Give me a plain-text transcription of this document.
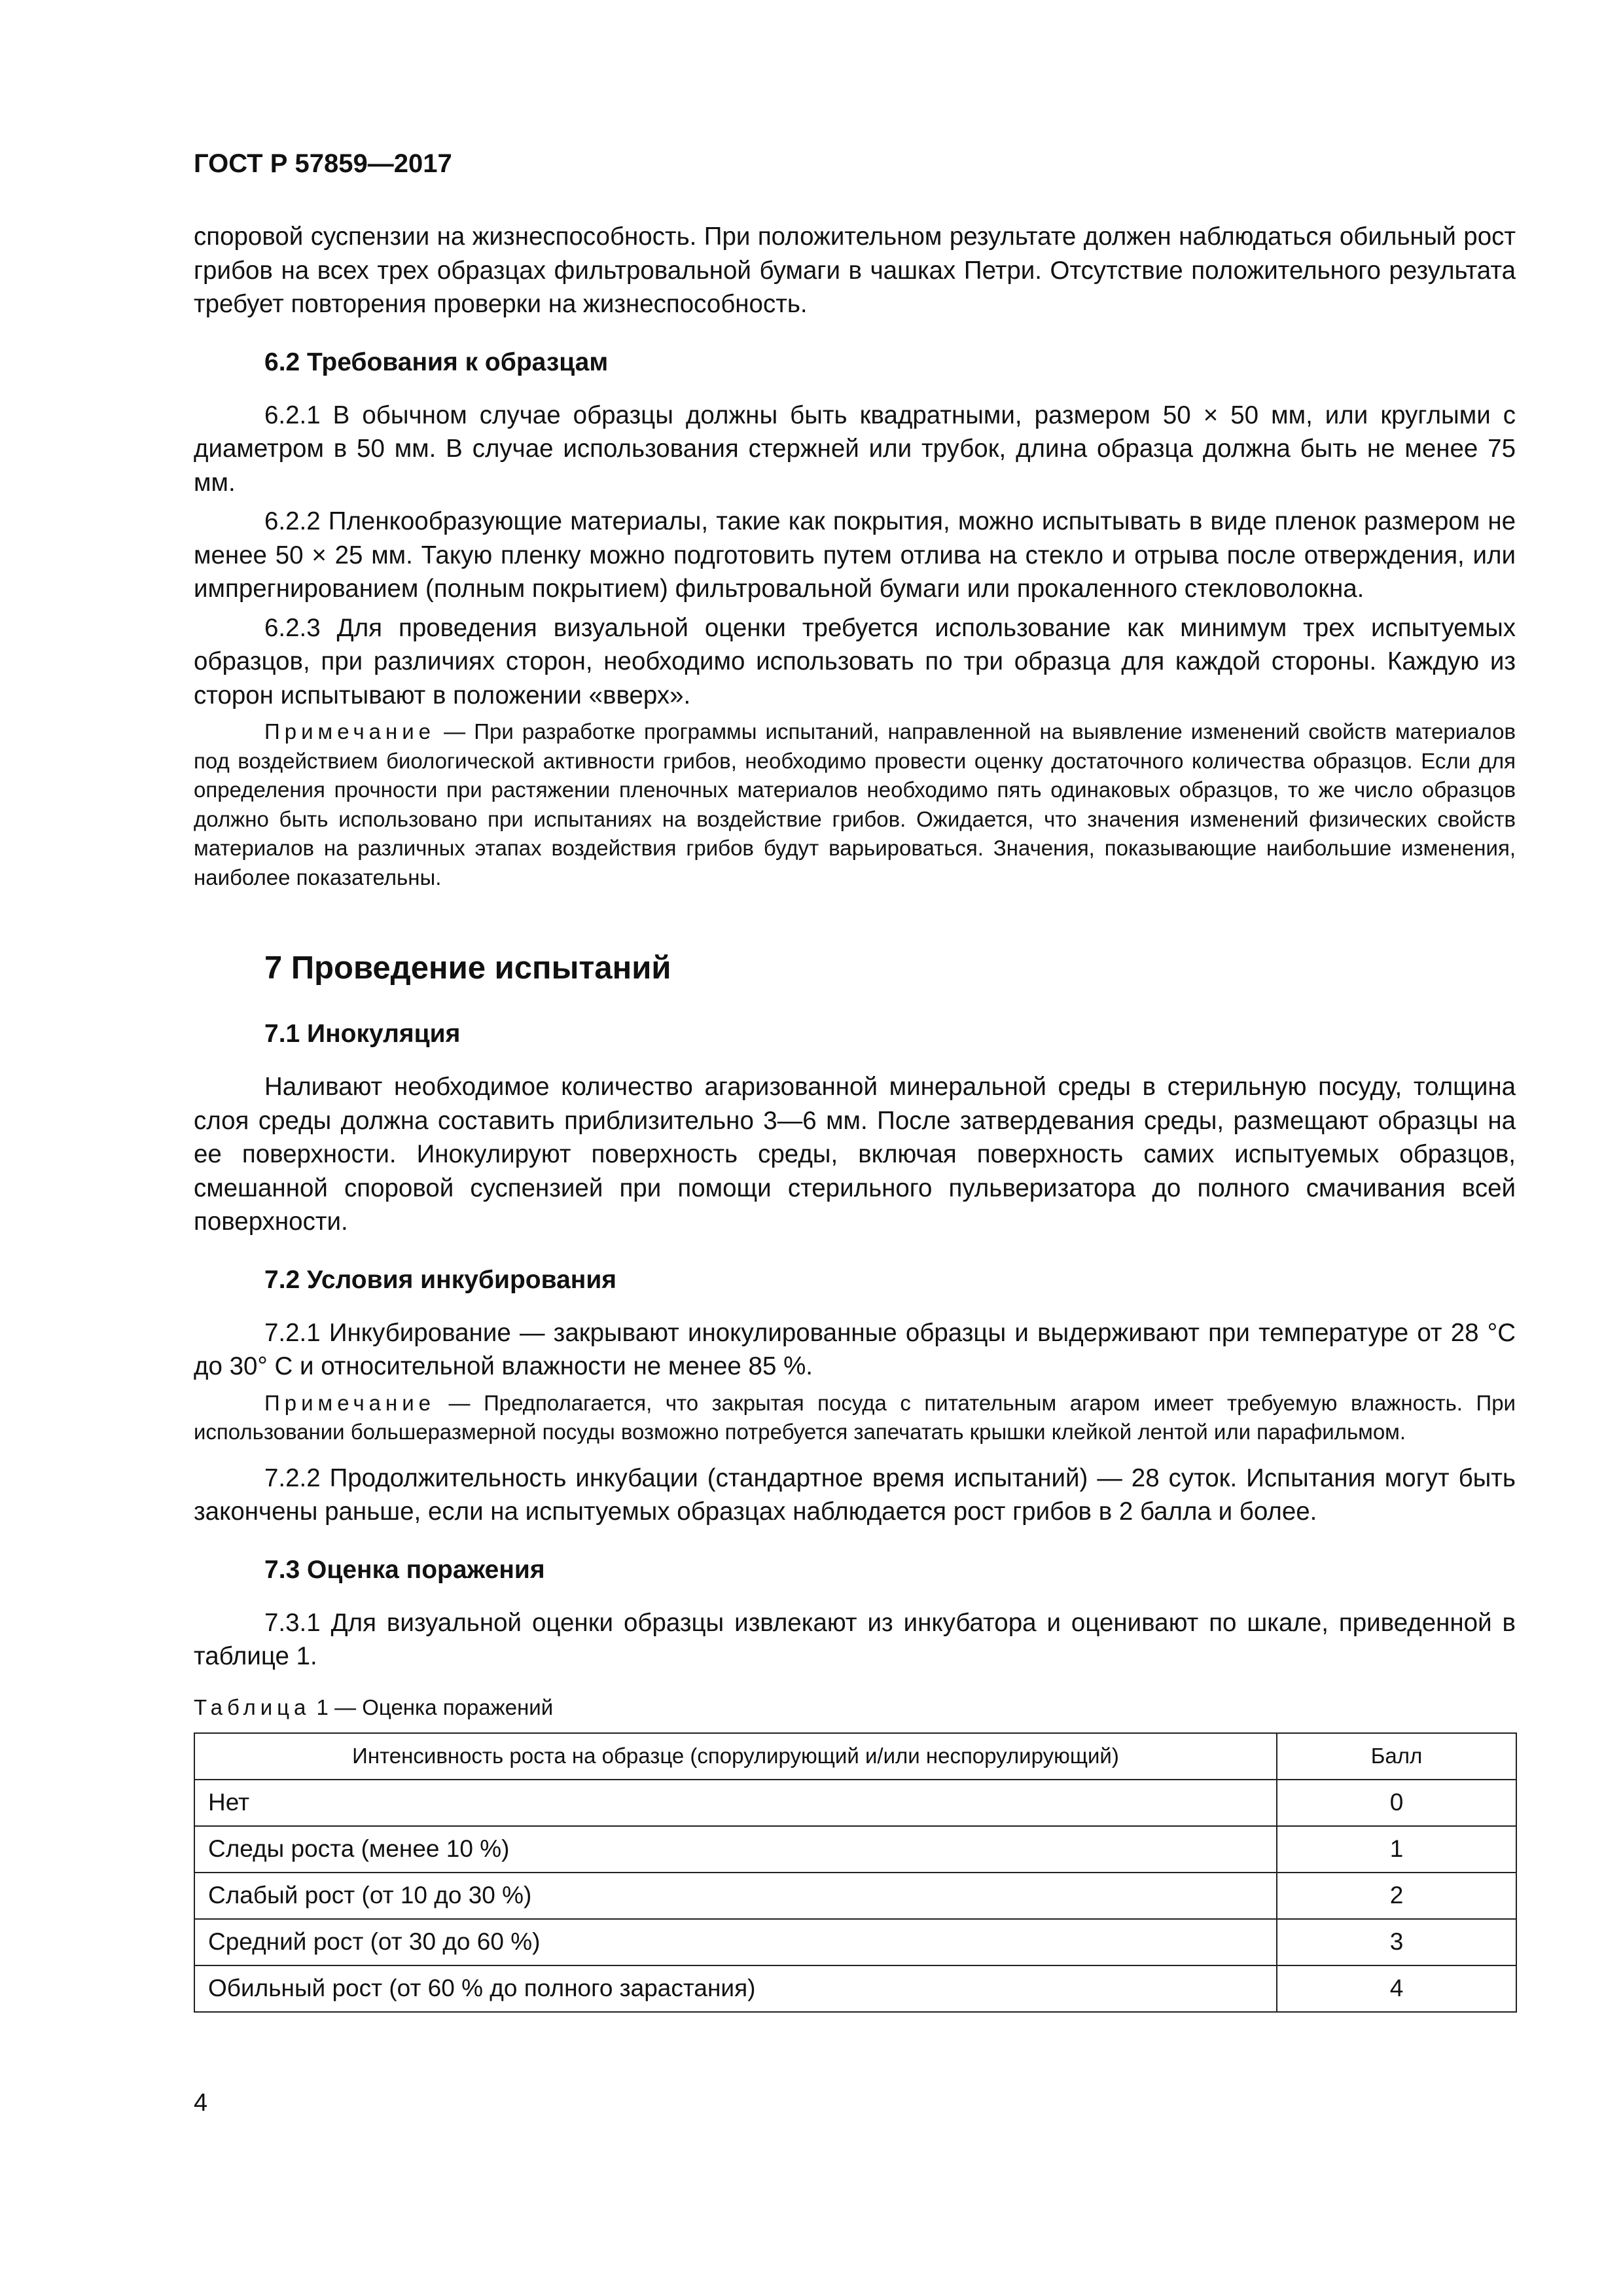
ГОСТ Р 57859—2017

споровой суспензии на жизнеспособность. При положительном результате должен наблюдаться обильный рост грибов на всех трех образцах фильтровальной бумаги в чашках Петри. Отсутствие положительного результата требует повторения проверки на жизнеспособность.

6.2 Требования к образцам

6.2.1 В обычном случае образцы должны быть квадратными, размером 50 × 50 мм, или круглыми с диаметром в 50 мм. В случае использования стержней или трубок, длина образца должна быть не менее 75 мм.

6.2.2 Пленкообразующие материалы, такие как покрытия, можно испытывать в виде пленок размером не менее 50 × 25 мм. Такую пленку можно подготовить путем отлива на стекло и отрыва после отверждения, или импрегнированием (полным покрытием) фильтровальной бумаги или прокаленного стекловолокна.

6.2.3 Для проведения визуальной оценки требуется использование как минимум трех испытуемых образцов, при различиях сторон, необходимо использовать по три образца для каждой стороны. Каждую из сторон испытывают в положении «вверх».

Примечание — При разработке программы испытаний, направленной на выявление изменений свойств материалов под воздействием биологической активности грибов, необходимо провести оценку достаточного количества образцов. Если для определения прочности при растяжении пленочных материалов необходимо пять одинаковых образцов, то же число образцов должно быть использовано при испытаниях на воздействие грибов. Ожидается, что значения изменений физических свойств материалов на различных этапах воздействия грибов будут варьироваться. Значения, показывающие наибольшие изменения, наиболее показательны.

7 Проведение испытаний
7.1 Инокуляция

Наливают необходимое количество агаризованной минеральной среды в стерильную посуду, толщина слоя среды должна составить приблизительно 3—6 мм. После затвердевания среды, размещают образцы на ее поверхности. Инокулируют поверхность среды, включая поверхность самих испытуемых образцов, смешанной споровой суспензией при помощи стерильного пульверизатора до полного смачивания всей поверхности.

7.2 Условия инкубирования

7.2.1 Инкубирование — закрывают инокулированные образцы и выдерживают при температуре от 28 °С до 30° С и относительной влажности не менее 85 %.

Примечание — Предполагается, что закрытая посуда с питательным агаром имеет требуемую влажность. При использовании большеразмерной посуды возможно потребуется запечатать крышки клейкой лентой или парафильмом.

7.2.2 Продолжительность инкубации (стандартное время испытаний) — 28 суток. Испытания могут быть закончены раньше, если на испытуемых образцах наблюдается рост грибов в 2 балла и более.

7.3 Оценка поражения

7.3.1 Для визуальной оценки образцы извлекают из инкубатора и оценивают по шкале, приведенной в таблице 1.

Таблица 1 — Оценка поражений
Интенсивность роста на образце (спорулирующий и/или неспорулирующий)	Балл
Нет	0
Следы роста (менее 10 %)	1
Слабый рост (от 10 до 30 %)	2
Средний рост (от 30 до 60 %)	3
Обильный рост (от 60 % до полного зарастания)	4
4
